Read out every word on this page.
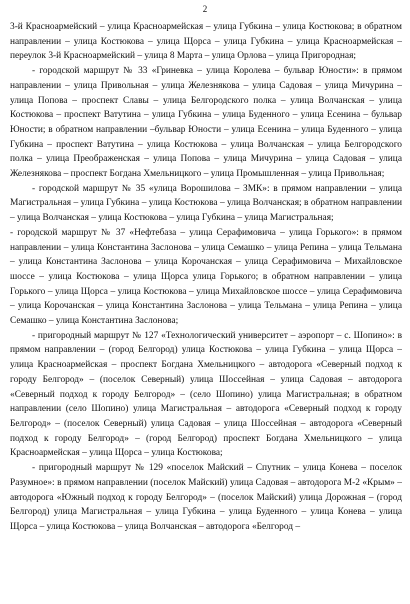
2

3-й Красноармейский – улица Красноармейская – улица Губкина – улица Костюкова; в обратном направлении – улица Костюкова – улица Щорса – улица Губкина – улица Красноармейская – переулок 3-й Красноармейский – улица 8 Марта – улица Орлова – улица Пригородная;

- городской маршрут № 33 «Гриневка – улица Королева – бульвар Юности»: в прямом направлении – улица Привольная – улица Железнякова – улица Садовая – улица Мичурина – улица Попова – проспект Славы – улица Белгородского полка – улица Волчанская – улица Костюкова – проспект Ватутина – улица Губкина – улица Буденного – улица Есенина – бульвар Юности; в обратном направлении –бульвар Юности – улица Есенина – улица Буденного – улица Губкина – проспект Ватутина – улица Костюкова – улица Волчанская – улица Белгородского полка – улица Преображенская – улица Попова – улица Мичурина – улица Садовая – улица Железнякова – проспект Богдана Хмельницкого – улица Промышленная – улица Привольная;

- городской маршрут № 35 «улица Ворошилова – ЗМК»: в прямом направлении – улица Магистральная – улица Губкина – улица Костюкова – улица Волчанская; в обратном направлении – улица Волчанская – улица Костюкова – улица Губкина – улица Магистральная;

- городской маршрут № 37 «Нефтебаза – улица Серафимовича – улица Горького»: в прямом направлении – улица Константина Заслонова – улица Семашко – улица Репина – улица Тельмана – улица Константина Заслонова – улица Корочанская – улица Серафимовича – Михайловское шоссе – улица Костюкова – улица Щорса улица Горького; в обратном направлении – улица Горького – улица Щорса – улица Костюкова – улица Михайловское шоссе – улица Серафимовича – улица Корочанская – улица Константина Заслонова – улица Тельмана – улица Репина – улица Семашко – улица Константина Заслонова;

- пригородный маршрут № 127 «Технологический университет – аэропорт – с. Шопино»: в прямом направлении – (город Белгород) улица Костюкова – улица Губкина – улица Щорса – улица Красноармейская – проспект Богдана Хмельницкого – автодорога «Северный подход к городу Белгород» – (поселок Северный) улица Шоссейная – улица Садовая – автодорога «Северный подход к городу Белгород» – (село Шопино) улица Магистральная; в обратном направлении (село Шопино) улица Магистральная – автодорога «Северный подход к городу Белгород» – (поселок Северный) улица Садовая – улица Шоссейная – автодорога «Северный подход к городу Белгород» – (город Белгород) проспект Богдана Хмельницкого – улица Красноармейская – улица Щорса – улица Костюкова;

- пригородный маршрут № 129 «поселок Майский – Спутник – улица Конева – поселок Разумное»: в прямом направлении (поселок Майский) улица Садовая – автодорога М-2 «Крым» – автодорога «Южный подход к городу Белгород» – (поселок Майский) улица Дорожная – (город Белгород) улица Магистральная – улица Губкина – улица Буденного – улица Конева – улица Щорса – улица Костюкова – улица Волчанская – автодорога «Белгород –
